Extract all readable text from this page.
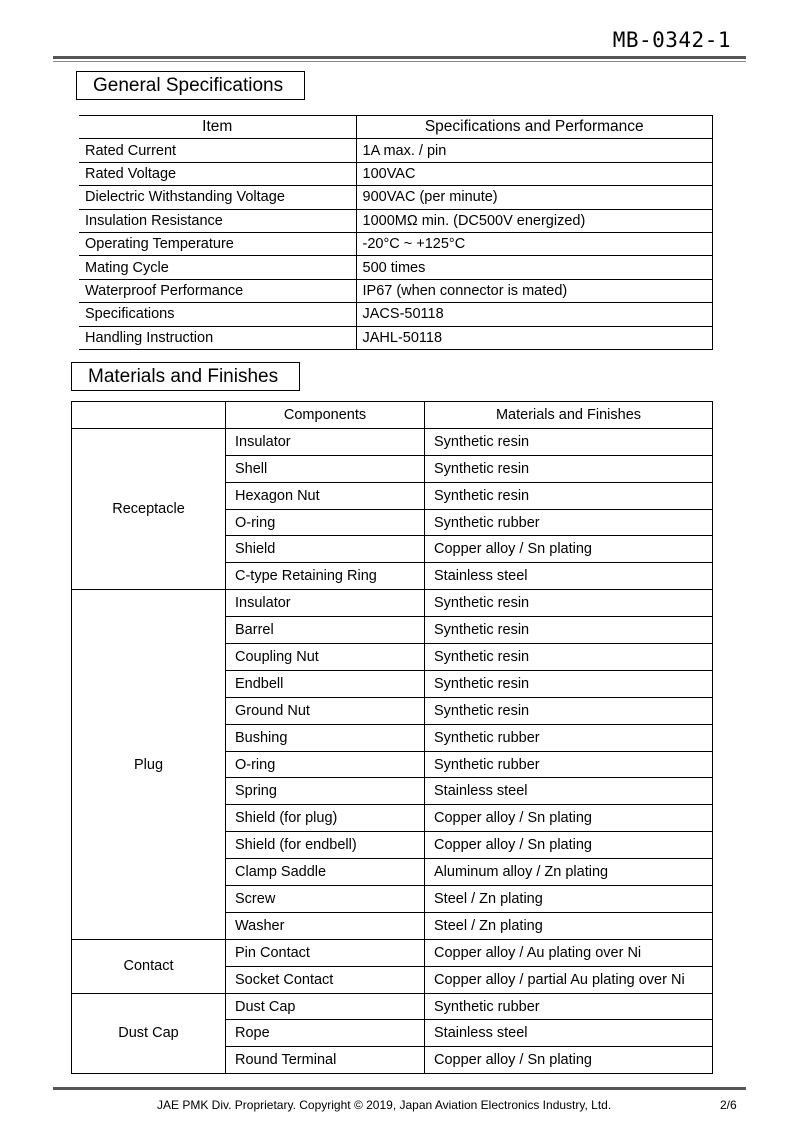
MB-0342-1
General Specifications
Item	Specifications and Performance
Rated Current	1A max. / pin
Rated Voltage	100VAC
Dielectric Withstanding Voltage	900VAC (per minute)
Insulation Resistance	1000MΩ min. (DC500V energized)
Operating Temperature	-20°C ~ +125°C
Mating Cycle	500 times
Waterproof Performance	IP67 (when connector is mated)
Specifications	JACS-50118
Handling Instruction	JAHL-50118
Materials and Finishes
	Components	Materials and Finishes
Receptacle	Insulator	Synthetic resin
	Shell	Synthetic resin
	Hexagon Nut	Synthetic resin
	O-ring	Synthetic rubber
	Shield	Copper alloy / Sn plating
	C-type Retaining Ring	Stainless steel
Plug	Insulator	Synthetic resin
	Barrel	Synthetic resin
	Coupling Nut	Synthetic resin
	Endbell	Synthetic resin
	Ground Nut	Synthetic resin
	Bushing	Synthetic rubber
	O-ring	Synthetic rubber
	Spring	Stainless steel
	Shield (for plug)	Copper alloy / Sn plating
	Shield (for endbell)	Copper alloy / Sn plating
	Clamp Saddle	Aluminum alloy / Zn plating
	Screw	Steel / Zn plating
	Washer	Steel / Zn plating
Contact	Pin Contact	Copper alloy / Au plating over Ni
	Socket Contact	Copper alloy / partial Au plating over Ni
Dust Cap	Dust Cap	Synthetic rubber
	Rope	Stainless steel
	Round Terminal	Copper alloy / Sn plating
JAE PMK Div. Proprietary. Copyright © 2019, Japan Aviation Electronics Industry, Ltd.	2/6
